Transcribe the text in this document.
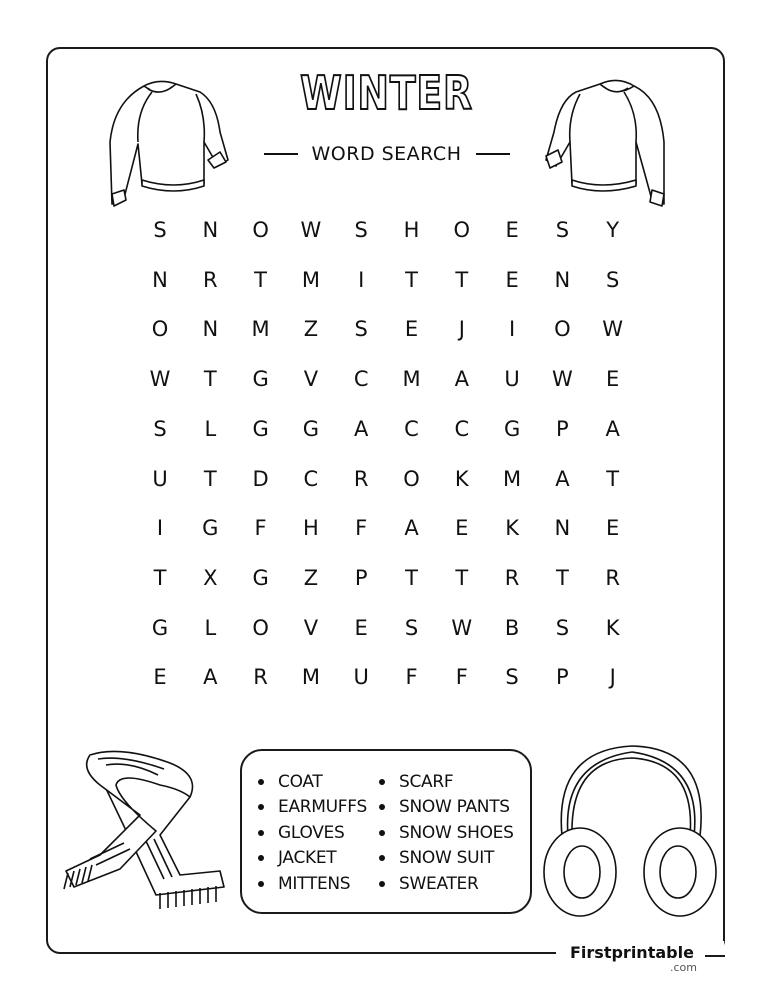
WINTER
WORD SEARCH
S	N	O	W	S	H	O	E	S	Y
N	R	T	M	I	T	T	E	N	S
O	N	M	Z	S	E	J	I	O	W
W	T	G	V	C	M	A	U	W	E
S	L	G	G	A	C	C	G	P	A
U	T	D	C	R	O	K	M	A	T
I	G	F	H	F	A	E	K	N	E
T	X	G	Z	P	T	T	R	T	R
G	L	O	V	E	S	W	B	S	K
E	A	R	M	U	F	F	S	P	J
COAT
EARMUFFS
GLOVES
JACKET
MITTENS
SCARF
SNOW PANTS
SNOW SHOES
SNOW SUIT
SWEATER
Firstprintable
.com
